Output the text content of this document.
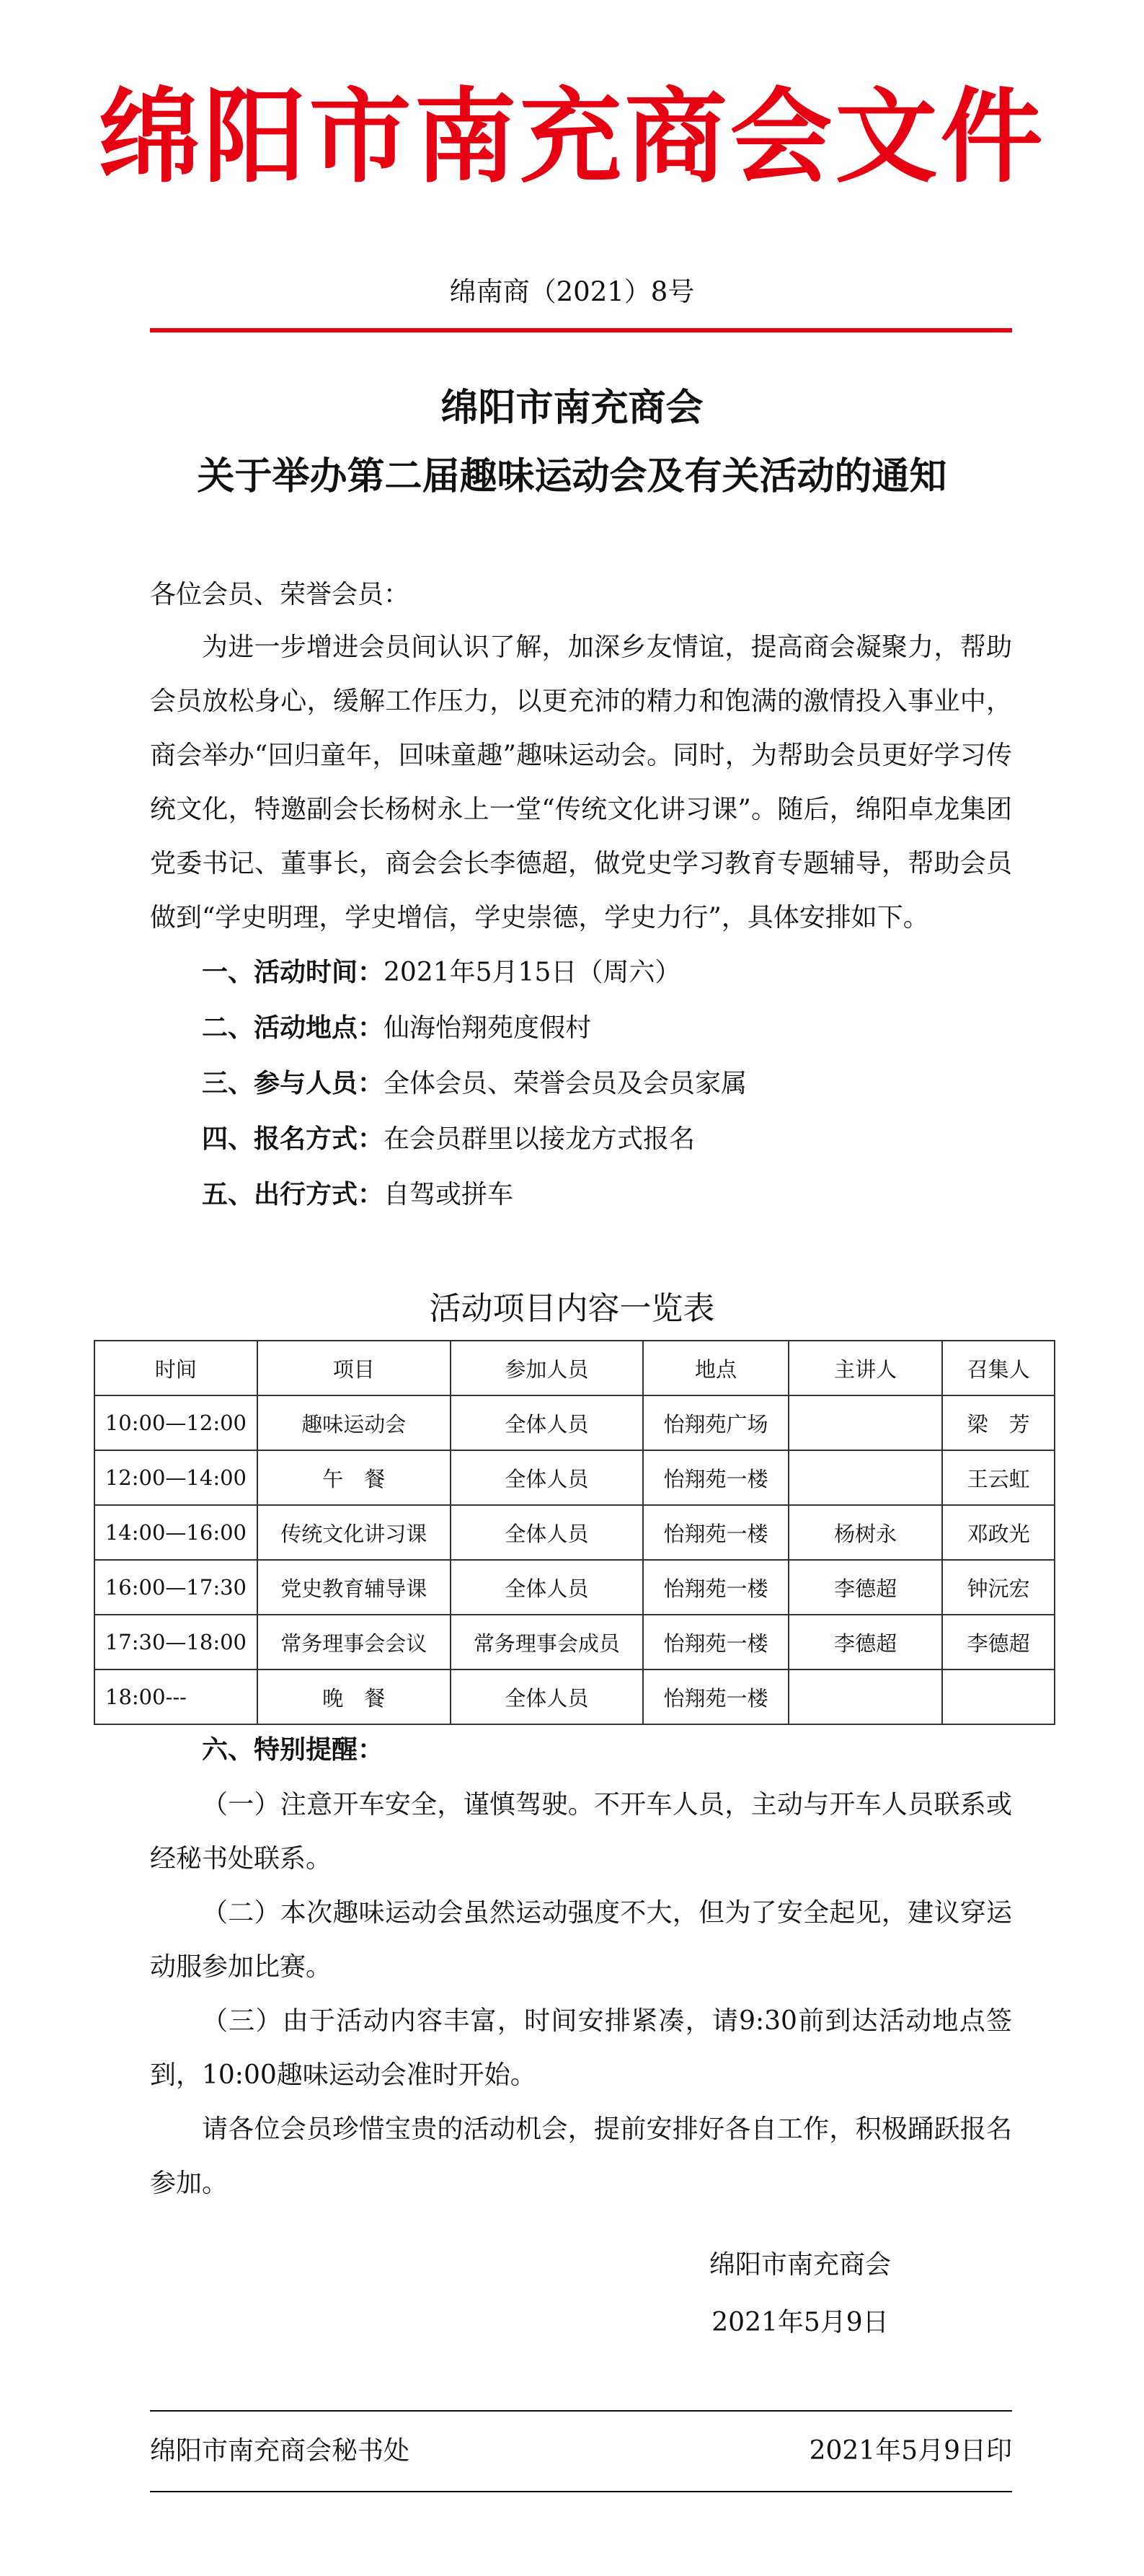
绵阳市南充商会文件
绵南商（2021）8号
绵阳市南充商会
关于举办第二届趣味运动会及有关活动的通知

各位会员、荣誉会员：

为进一步增进会员间认识了解，加深乡友情谊，提高商会凝聚力，帮助会员放松身心，缓解工作压力，以更充沛的精力和饱满的激情投入事业中，商会举办“回归童年，回味童趣”趣味运动会。同时，为帮助会员更好学习传统文化，特邀副会长杨树永上一堂“传统文化讲习课”。随后，绵阳卓龙集团党委书记、董事长，商会会长李德超，做党史学习教育专题辅导，帮助会员做到“学史明理，学史增信，学史崇德，学史力行”，具体安排如下。

一、活动时间：2021年5月15日（周六）

二、活动地点：仙海怡翔苑度假村

三、参与人员：全体会员、荣誉会员及会员家属

四、报名方式：在会员群里以接龙方式报名

五、出行方式：自驾或拼车

活动项目内容一览表
时间	项目	参加人员	地点	主讲人	召集人
10:00—12:00	趣味运动会	全体人员	怡翔苑广场		梁　芳
12:00—14:00	午　餐	全体人员	怡翔苑一楼		王云虹
14:00—16:00	传统文化讲习课	全体人员	怡翔苑一楼	杨树永	邓政光
16:00—17:30	党史教育辅导课	全体人员	怡翔苑一楼	李德超	钟沅宏
17:30—18:00	常务理事会会议	常务理事会成员	怡翔苑一楼	李德超	李德超
18:00---	晚　餐	全体人员	怡翔苑一楼		

六、特别提醒：

（一）注意开车安全，谨慎驾驶。不开车人员，主动与开车人员联系或经秘书处联系。

（二）本次趣味运动会虽然运动强度不大，但为了安全起见，建议穿运动服参加比赛。

（三）由于活动内容丰富，时间安排紧凑，请9:30前到达活动地点签到，10:00趣味运动会准时开始。

请各位会员珍惜宝贵的活动机会，提前安排好各自工作，积极踊跃报名参加。

绵阳市南充商会
2021年5月9日
绵阳市南充商会秘书处	2021年5月9日印
